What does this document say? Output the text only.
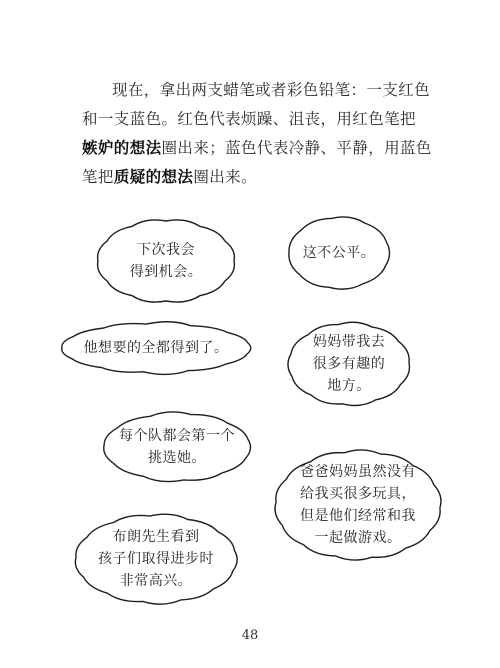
现在，拿出两支蜡笔或者彩色铅笔：一支红色
和一支蓝色。红色代表烦躁、沮丧，用红色笔把
嫉妒的想法圈出来；蓝色代表冷静、平静，用蓝色
笔把质疑的想法圈出来。
下次我会
得到机会。
这不公平。
他想要的全都得到了。	妈妈带我去
很多有趣的
地方。
每个队都会第一个
挑选她。
爸爸妈妈虽然没有
给我买很多玩具，
但是他们经常和我
一起做游戏。
布朗先生看到
孩子们取得进步时
非常高兴。
48
